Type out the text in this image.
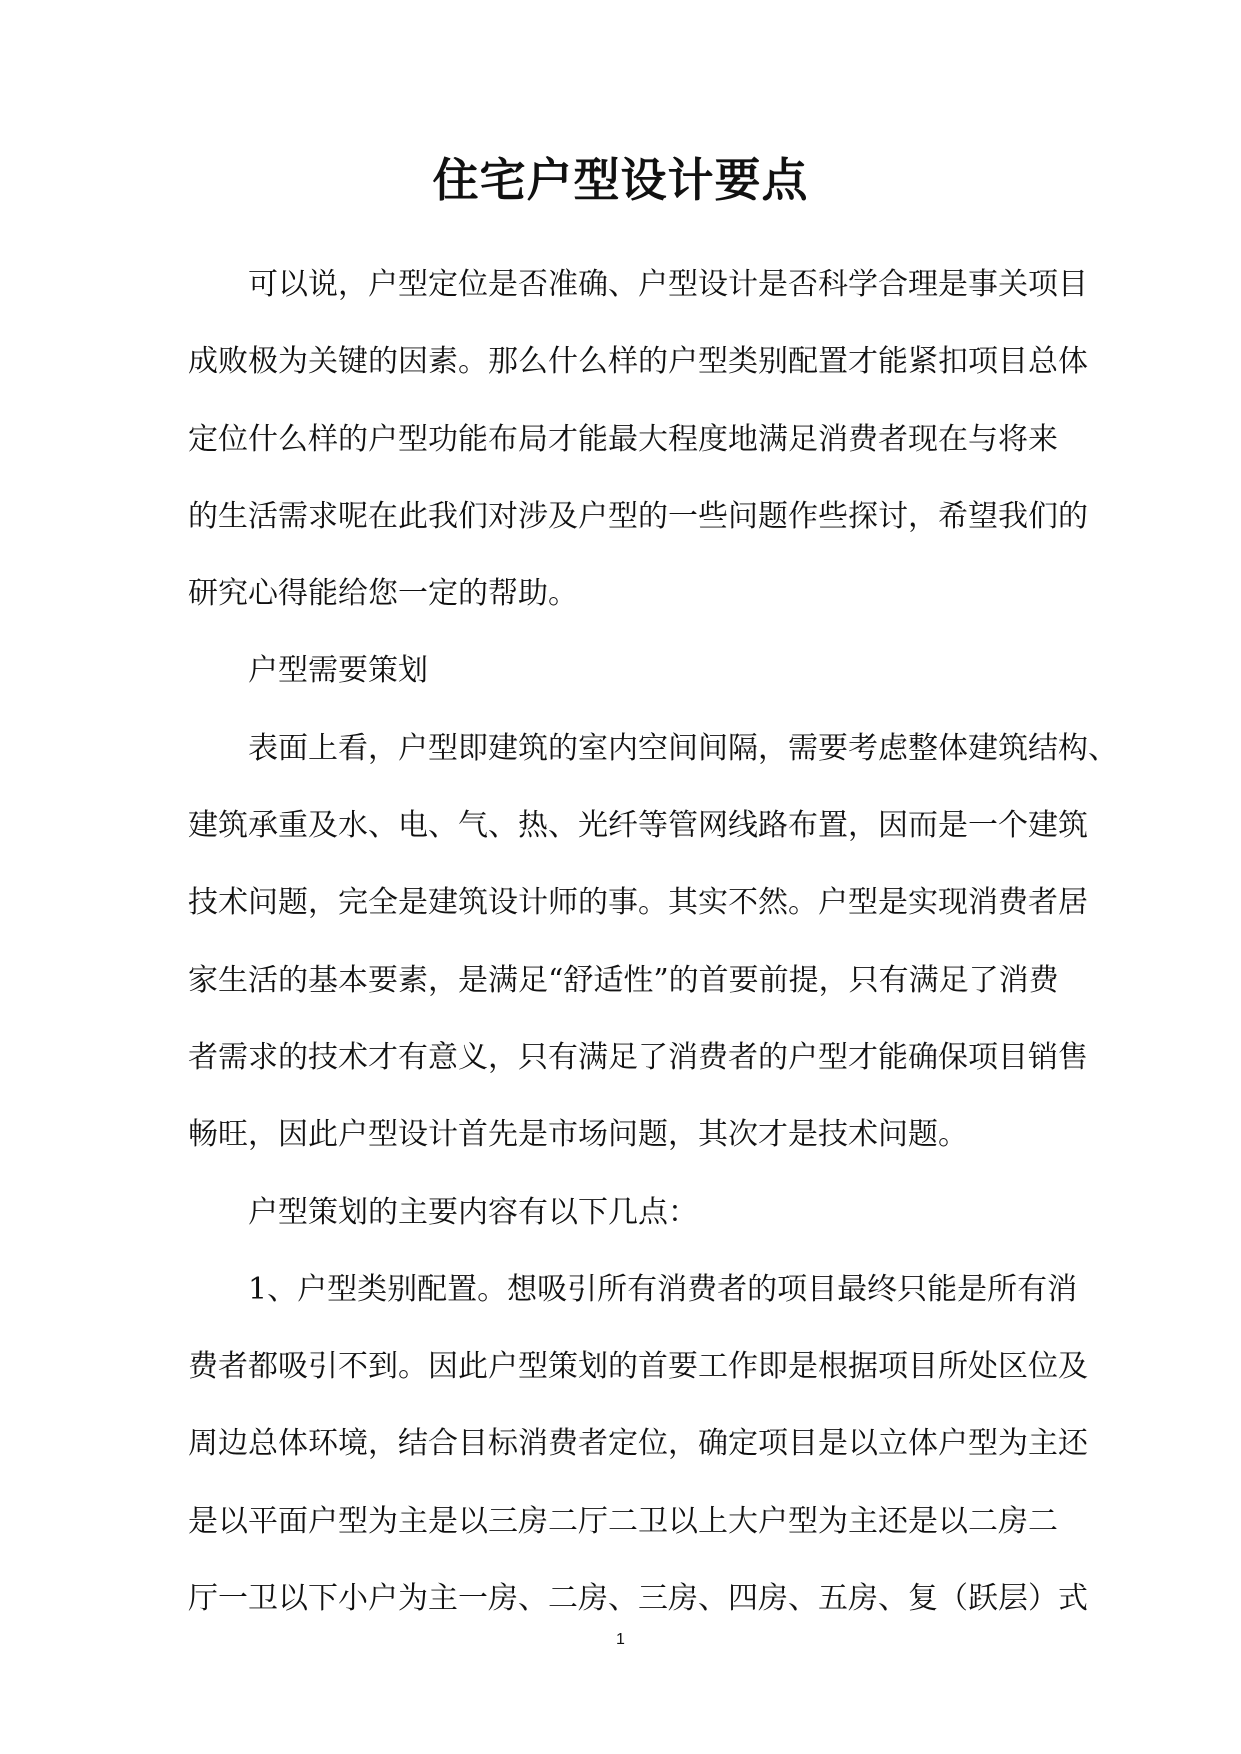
住宅户型设计要点
可以说，户型定位是否准确、户型设计是否科学合理是事关项目
成败极为关键的因素。那么什么样的户型类别配置才能紧扣项目总体
定位什么样的户型功能布局才能最大程度地满足消费者现在与将来
的生活需求呢在此我们对涉及户型的一些问题作些探讨，希望我们的
研究心得能给您一定的帮助。
户型需要策划
表面上看，户型即建筑的室内空间间隔，需要考虑整体建筑结构、
建筑承重及水、电、气、热、光纤等管网线路布置，因而是一个建筑
技术问题，完全是建筑设计师的事。其实不然。户型是实现消费者居
家生活的基本要素，是满足“舒适性”的首要前提，只有满足了消费
者需求的技术才有意义，只有满足了消费者的户型才能确保项目销售
畅旺，因此户型设计首先是市场问题，其次才是技术问题。
户型策划的主要内容有以下几点：
1、户型类别配置。想吸引所有消费者的项目最终只能是所有消
费者都吸引不到。因此户型策划的首要工作即是根据项目所处区位及
周边总体环境，结合目标消费者定位，确定项目是以立体户型为主还
是以平面户型为主是以三房二厅二卫以上大户型为主还是以二房二
厅一卫以下小户为主一房、二房、三房、四房、五房、复（跃层）式
1
